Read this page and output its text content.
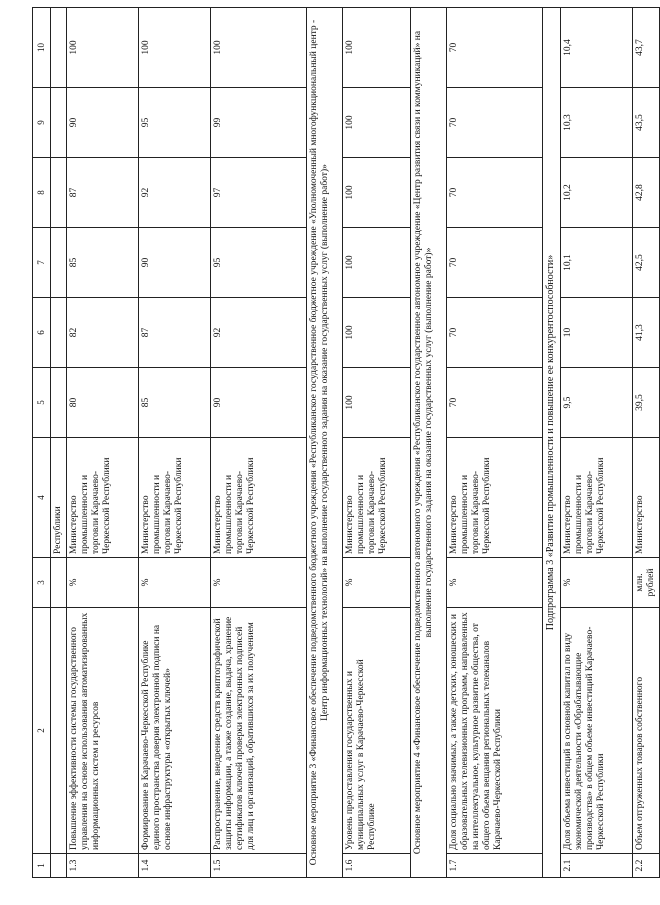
1	2	3	4	5	6	7	8	9	10
			Республики						
1.3	Повышение эффективности системы государственного управления на основе использования автоматизированных информационных систем и ресурсов	%	Министерство промышленности и торговли Карачаево-Черкесской Республики	80	82	85	87	90	100
1.4	Формирование в Карачаево-Черкесской Республике единого пространства доверия электронной подписи на основе инфраструктуры «открытых ключей»	%	Министерство промышленности и торговли Карачаево-Черкесской Республики	85	87	90	92	95	100
1.5	Распространение, внедрение средств криптографической защиты информации, а также создание, выдача, хранение сертификатов ключей проверки электронных подписей для лиц и организаций, обратившихся за их получением	%	Министерство промышленности и торговли Карачаево-Черкесской Республики	90	92	95	97	99	100
Основное мероприятие 3 «Финансовое обеспечение подведомственного бюджетного учреждения «Республиканское государственное бюджетное учреждение «Уполномоченный многофункциональный центр - Центр информационных технологий» на выполнение государственного задания на оказание государственных услуг (выполнение работ)»									
1.6	Уровень предоставления государственных и муниципальных услуг в Карачаево-Черкесской Республике	%	Министерство промышленности и торговли Карачаево-Черкесской Республики	100	100	100	100	100	100
Основное мероприятие 4 «Финансовое обеспечение подведомственного автономного учреждения «Республиканское государственное автономное учреждение «Центр развития связи и коммуникаций» на выполнение государственного задания на оказание государственных услуг (выполнение работ)»									
1.7	Доля социально значимых, а также детских, юношеских и образовательных телевизионных программ, направленных на интеллектуальное, культурное развитие общества, от общего объема вещания региональных телеканалов Карачаево-Черкесской Республики	%	Министерство промышленности и торговли Карачаево-Черкесской Республики	70	70	70	70	70	70
Подпрограмма 3 «Развитие промышленности и повышение ее конкурентоспособности»									
2.1	Доля объема инвестиций в основной капитал по виду экономической деятельности «Обрабатывающие производства» в общем объеме инвестиций Карачаево-Черкесской Республики	%	Министерство промышленности и торговли Карачаево-Черкесской Республики	9,5	10	10,1	10,2	10,3	10,4
2.2	Объем отгруженных товаров собственного	млн. рублей	Министерство	39,5	41,3	42,5	42,8	43,5	43,7
